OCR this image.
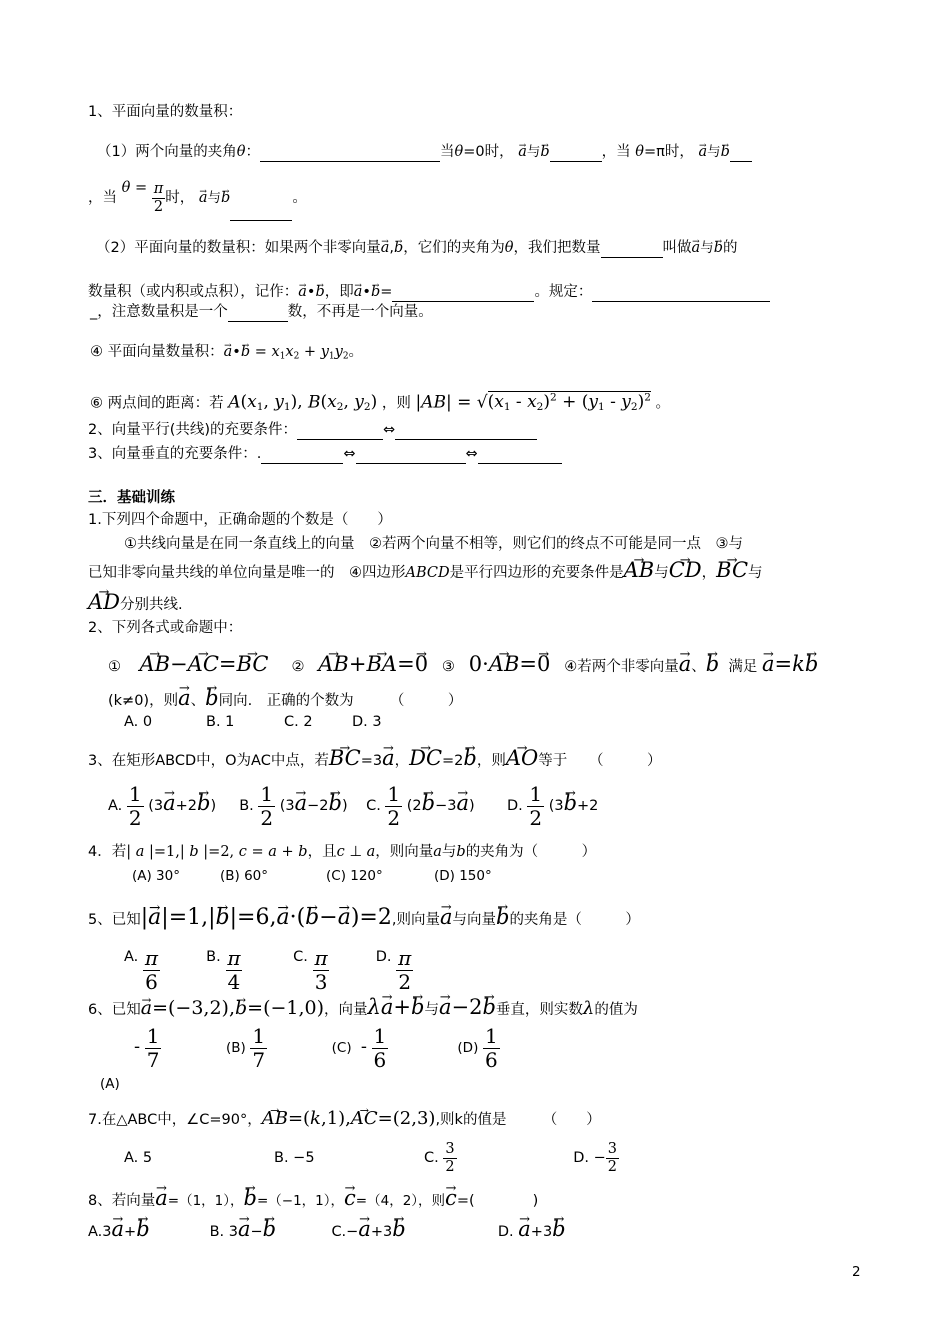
1、平面向量的数量积：
（1）两个向量的夹角θ：	当θ=0时， → a与→ b	，当 θ=π时， → a与→ b
，当 $\theta = \frac{\pi}{2}$ 时， → a与→ b	。
（2）平面向量的数量积：如果两个非零向量→ a,→ b，它们的夹角为θ，我们把数量	叫做→ a与→ b的
数量积（或内积或点积），记作：→ a•→ b，即→ a•→ b=	。规定：
_，注意数量积是一个	数，不再是一个向量。
④ 平面向量数量积：→ a•→ $b = x_1x_2 + y_1y_2$。
⑥ 两点间的距离：若 $A(x_1$, $y_1$), $B(x_2$, $y_2$) ，则 $|AB| = √(x_1 - x_2)^2 + (y_1 - y_2)^2$ 。
2、向量平行(共线)的充要条件：	⇔
3、向量垂直的充要条件：.	⇔	⇔
三．基础训练
1.下列四个命题中，正确命题的个数是（　　）
①共线向量是在同一条直线上的向量　②若两个向量不相等，则它们的终点不可能是同一点　③与
已知非零向量共线的单位向量是唯一的　④四边形ABCD是平行四边形的充要条件是→ AB与→ CD，→ BC与
→ AD分别共线.
2、下列各式或命题中：
① → AB−→ AC=→ BC ② → AB+→ BA=→ 0 ③ 0·→ AB=→ 0 ④若两个非零向量→ a、→ b 满足 → a=k→ b
(k≠0)，则→ a、→ b同向.　正确的个数为　　　（　　　）
A. 0	B. 1	C. 2	D. 3
3、在矩形ABCD中，O为AC中点，若→ BC=3→ a，→ DC=2→ b，则→ AO等于　　（　　　）
A. $\frac{1}{2} (3\to a+2\to b)$ B. $\frac{1}{2} (3\to a-2\to b)$ C. $\frac{1}{2} (2\to b-3\to a)$ D. $\frac{1}{2} (3\to b+2$
4．若| a |=1,| b |=2, c = a + b，且c ⊥ a，则向量a与b的夹角为（　　　）
(A) 30°	(B) 60°	(C) 120°	(D) 150°
5、已知|→ a|=1,|→ b|=6,→ a·(→ b−→ a)=2,则向量→ a与向量→ b的夹角是（　　　）
A. $\frac{\pi}{6}$	B. $\frac{\pi}{4}$	C. $\frac{\pi}{3}$	D. $\frac{\pi}{2}$
6、已知→ a=(−3,2),→ b=(−1,0)，向量λ→ a+→ b与→ a−2→ b垂直，则实数λ的值为
- $\frac{1}{7}$	$(B) \frac{1}{7}$	$(C) - \frac{1}{6}$	$(D) \frac{1}{6}$
(A)
7.在△ABC中，∠C=90°，→ AB=(k,1),→ AC=(2,3),则k的值是　　　（　　）
A. 5	B. −5	C. $\frac{3}{2}$	D. − $\frac{3}{2}$
8、若向量→ a=（1，1），→ b=（−1，1），→ c=（4，2），则→ c=(　　　　)
A.3→ a+→ b	B. 3→ a−→ b	C.−→ a+3→ b	D. → a+3→ b
2
